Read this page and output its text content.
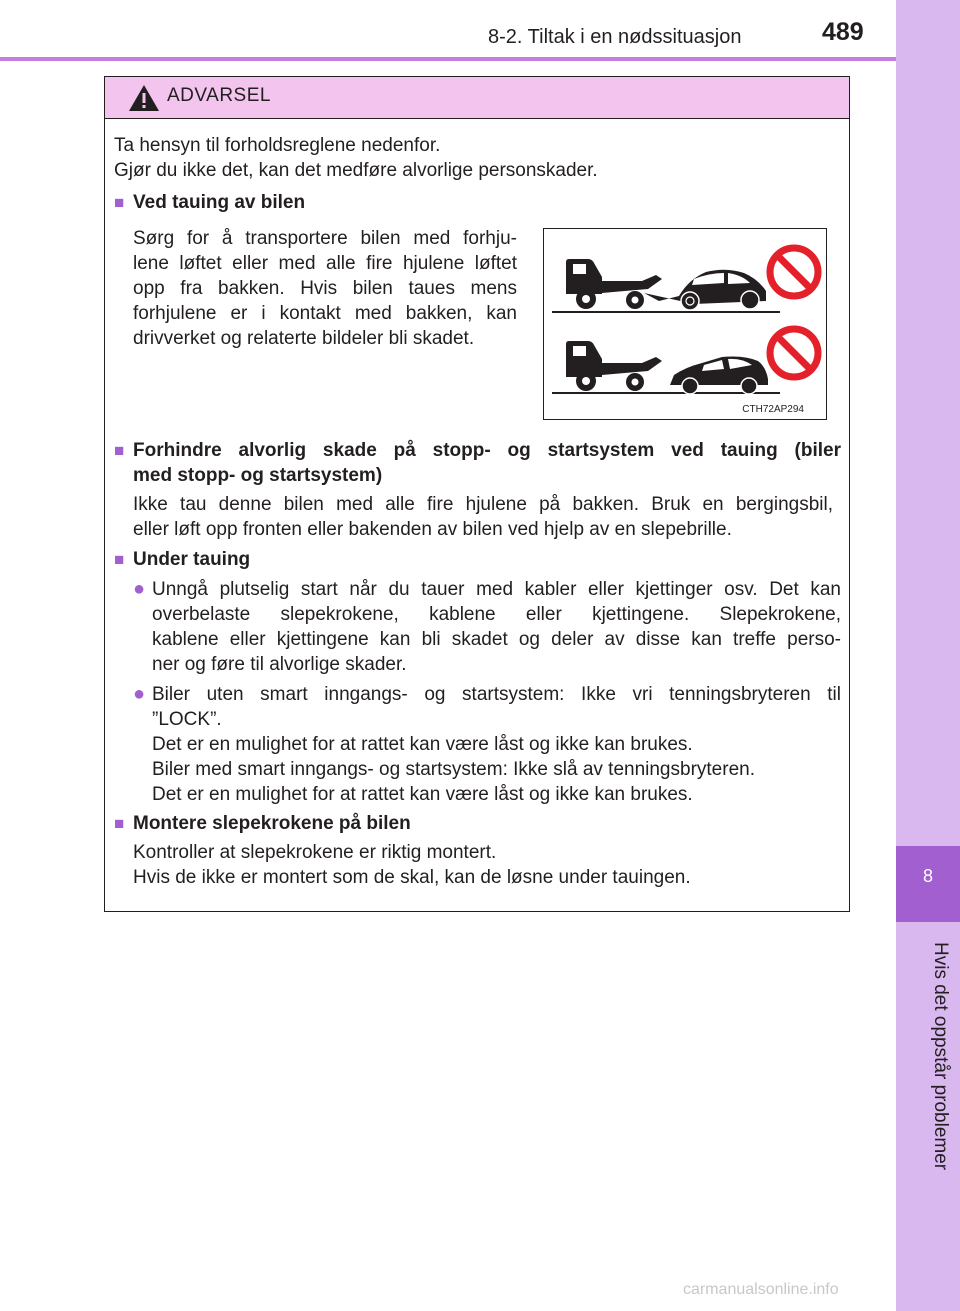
8-2. Tiltak i en nødssituasjon	489
8
Hvis det oppstår problemer
ADVARSEL
Ta hensyn til forholdsreglene nedenfor.
Gjør du ikke det, kan det medføre alvorlige personskader.
■ Ved tauing av bilen
Sørg for å transportere bilen med forhju-
lene løftet eller med alle fire hjulene løftet
opp fra bakken. Hvis bilen taues mens
forhjulene er i kontakt med bakken, kan
drivverket og relaterte bildeler bli skadet.
CTH72AP294
■ Forhindre alvorlig skade på stopp- og startsystem ved tauing (biler
med stopp- og startsystem)
Ikke tau denne bilen med alle fire hjulene på bakken. Bruk en bergingsbil,
eller løft opp fronten eller bakenden av bilen ved hjelp av en slepebrille.
■ Under tauing
● Unngå plutselig start når du tauer med kabler eller kjettinger osv. Det kan
overbelaste slepekrokene, kablene eller kjettingene. Slepekrokene,
kablene eller kjettingene kan bli skadet og deler av disse kan treffe perso-
ner og føre til alvorlige skader.
● Biler uten smart inngangs- og startsystem: Ikke vri tenningsbryteren til
”LOCK”.
Det er en mulighet for at rattet kan være låst og ikke kan brukes.
Biler med smart inngangs- og startsystem: Ikke slå av tenningsbryteren.
Det er en mulighet for at rattet kan være låst og ikke kan brukes.
■ Montere slepekrokene på bilen
Kontroller at slepekrokene er riktig montert.
Hvis de ikke er montert som de skal, kan de løsne under tauingen.
carmanualsonline.info
